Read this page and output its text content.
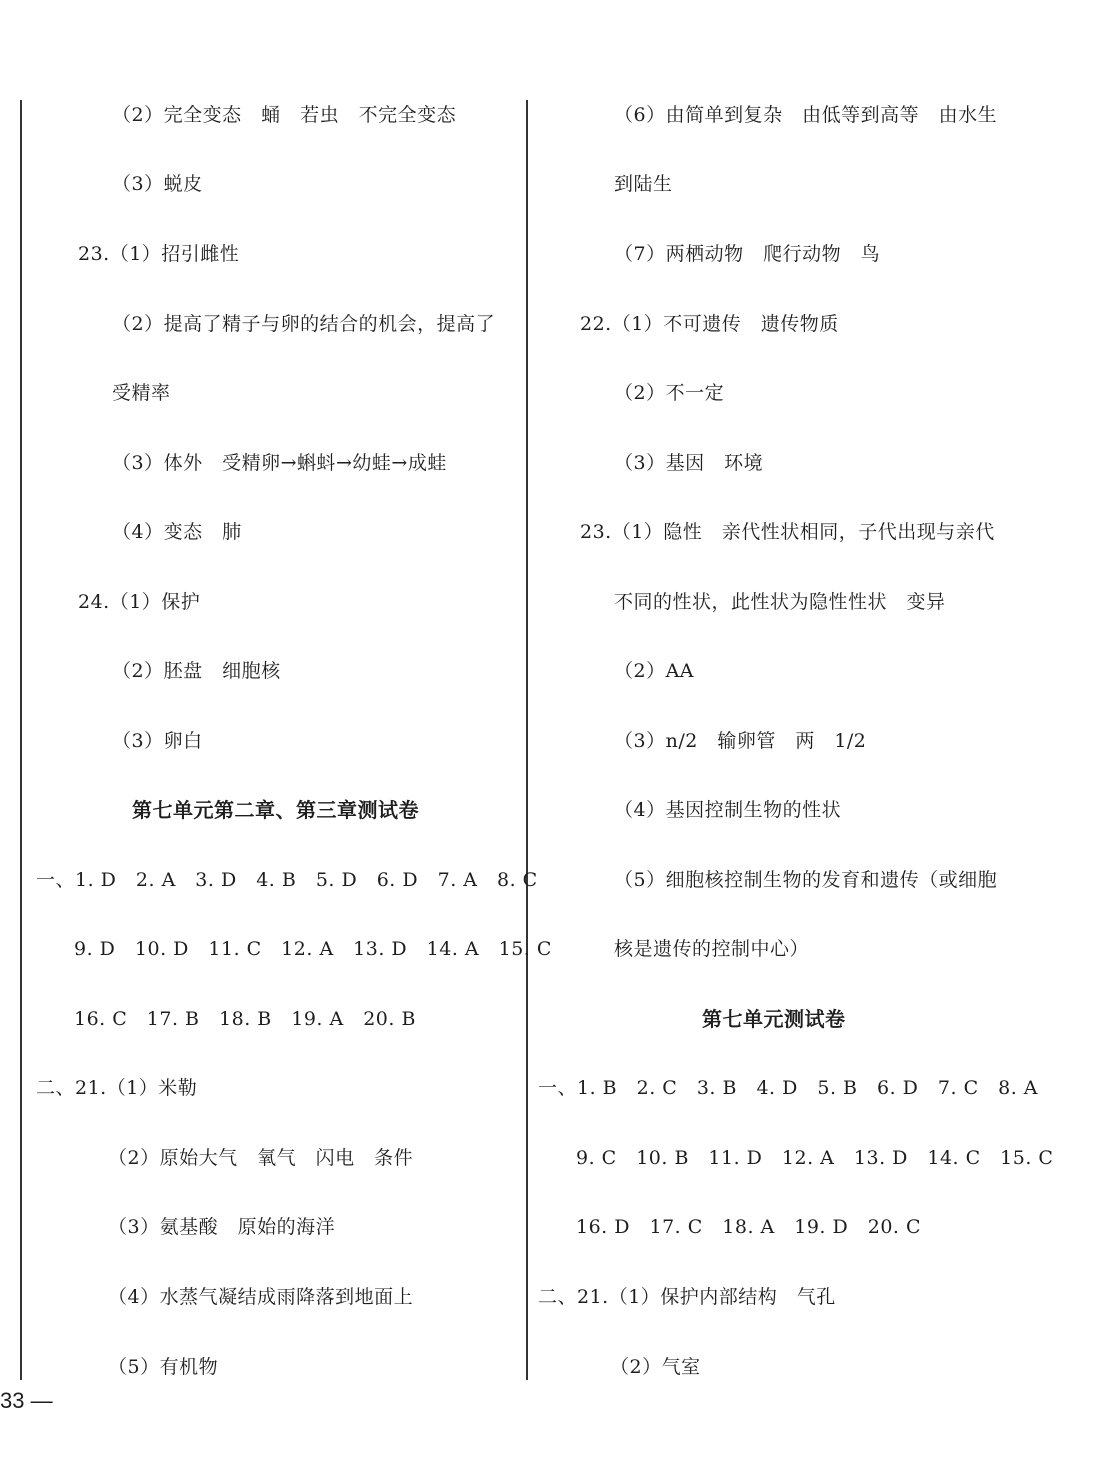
（2）完全变态　蛹　若虫　不完全变态
（3）蜕皮
23.（1）招引雌性
（2）提高了精子与卵的结合的机会，提高了
受精率
（3）体外　受精卵→蝌蚪→幼蛙→成蛙
（4）变态　肺
24.（1）保护
（2）胚盘　细胞核
（3）卵白
第七单元第二章、第三章测试卷
一、1. D　2. A　3. D　4. B　5. D　6. D　7. A　8. C
9. D　10. D　11. C　12. A　13. D　14. A　15. C
16. C　17. B　18. B　19. A　20. B
二、21.（1）米勒
（2）原始大气　氧气　闪电　条件
（3）氨基酸　原始的海洋
（4）水蒸气凝结成雨降落到地面上
（5）有机物
（6）由简单到复杂　由低等到高等　由水生
到陆生
（7）两栖动物　爬行动物　鸟
22.（1）不可遗传　遗传物质
（2）不一定
（3）基因　环境
23.（1）隐性　亲代性状相同，子代出现与亲代
不同的性状，此性状为隐性性状　变异
（2）AA
（3）n/2　输卵管　两　1/2
（4）基因控制生物的性状
（5）细胞核控制生物的发育和遗传（或细胞
核是遗传的控制中心）
第七单元测试卷
一、1. B　2. C　3. B　4. D　5. B　6. D　7. C　8. A
9. C　10. B　11. D　12. A　13. D　14. C　15. C
16. D　17. C　18. A　19. D　20. C
二、21.（1）保护内部结构　气孔
（2）气室
33 —
